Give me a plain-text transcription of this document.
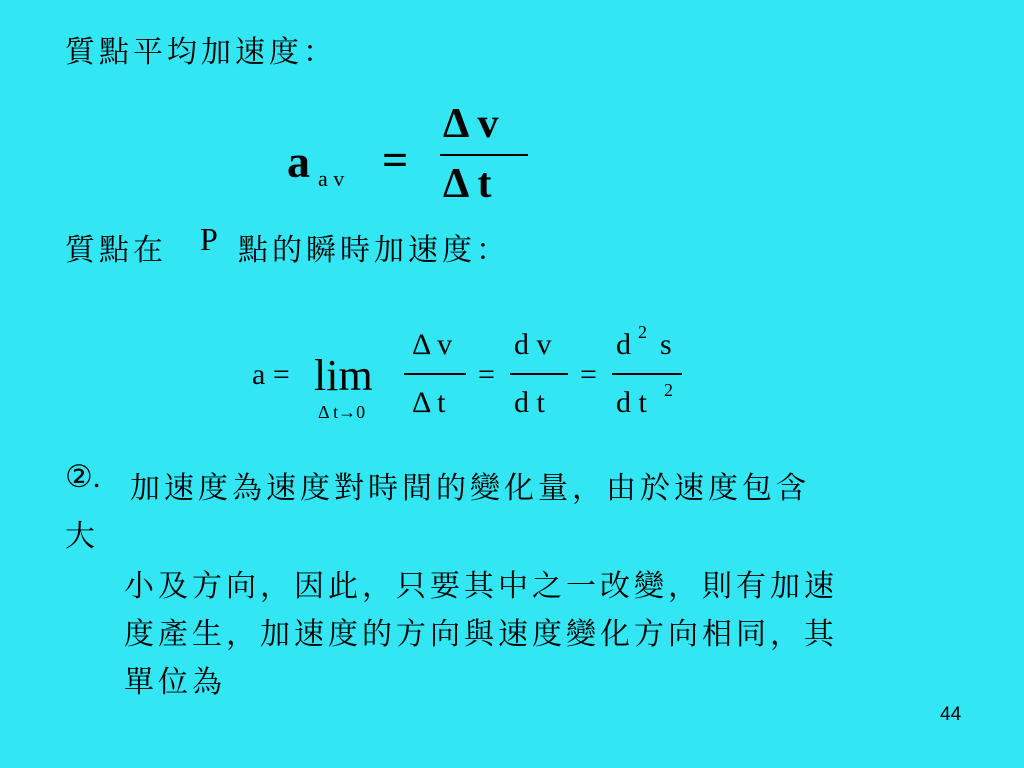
質點平均加速度：
a a v =
Δ v
Δ t
質點在 P 點的瞬時加速度：
a = lim
Δ t→0
Δ v
Δ t
=
d v
d t
=
d 2 s
d t 2
②. 加速度為速度對時間的變化量，由於速度包含
大
小及方向，因此，只要其中之一改變，則有加速
度產生，加速度的方向與速度變化方向相同，其
單位為
44
